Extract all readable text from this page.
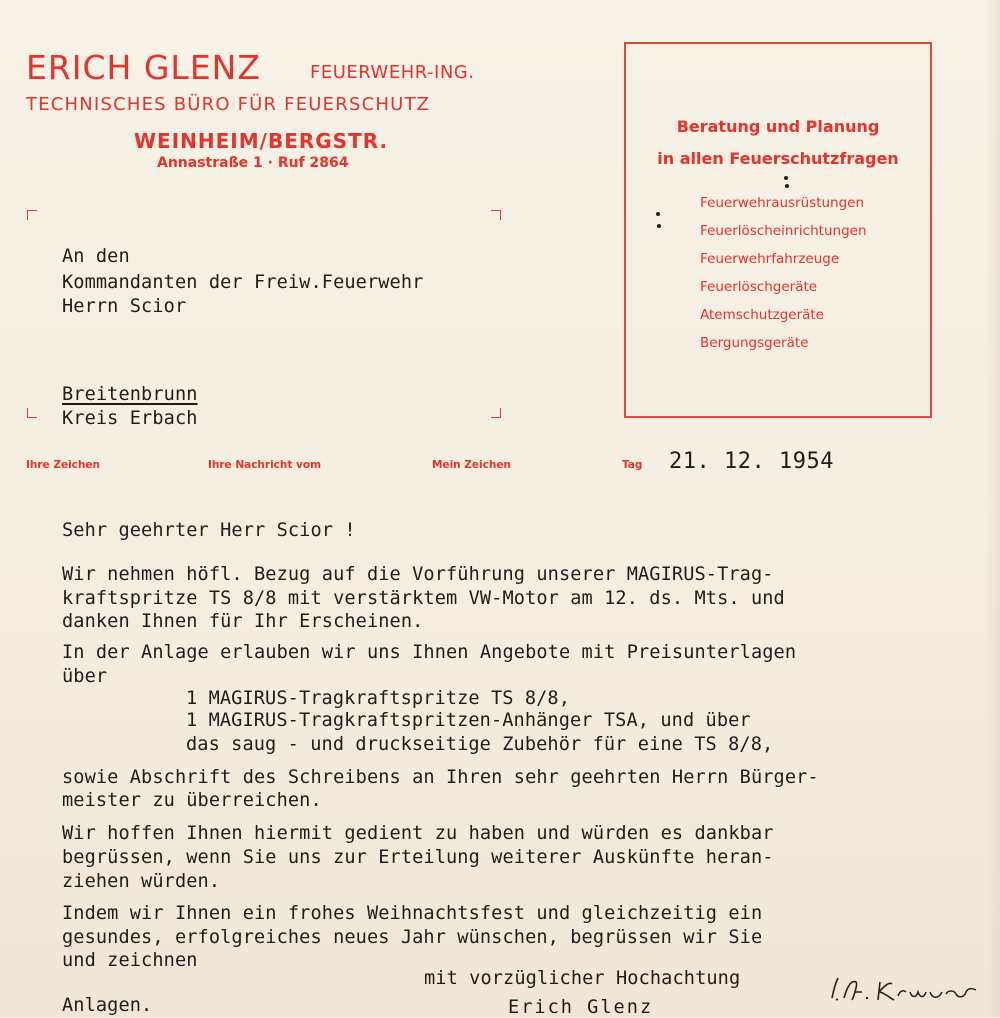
ERICH GLENZ	FEUERWEHR-ING.
TECHNISCHES BÜRO FÜR FEUERSCHUTZ
WEINHEIM/BERGSTR.
Annastraße 1 · Ruf 2864
Beratung und Planung
in allen Feuerschutzfragen
Feuerwehrausrüstungen
Feuerlöscheinrichtungen
Feuerwehrfahrzeuge
Feuerlöschgeräte
Atemschutzgeräte
Bergungsgeräte
An den
Kommandanten der Freiw.Feuerwehr
Herrn Scior
Breitenbrunn
Kreis Erbach
Ihre Zeichen	Ihre Nachricht vom	Mein Zeichen	Tag 21. 12. 1954
Sehr geehrter Herr Scior !
Wir nehmen höfl. Bezug auf die Vorführung unserer MAGIRUS-Trag-
kraftspritze TS 8/8 mit verstärktem VW-Motor am 12. ds. Mts. und
danken Ihnen für Ihr Erscheinen.
In der Anlage erlauben wir uns Ihnen Angebote mit Preisunterlagen
über
1 MAGIRUS-Tragkraftspritze TS 8/8,
1 MAGIRUS-Tragkraftspritzen-Anhänger TSA, und über
das saug - und druckseitige Zubehör für eine TS 8/8,
sowie Abschrift des Schreibens an Ihren sehr geehrten Herrn Bürger-
meister zu überreichen.
Wir hoffen Ihnen hiermit gedient zu haben und würden es dankbar
begrüssen, wenn Sie uns zur Erteilung weiterer Auskünfte heran-
ziehen würden.
Indem wir Ihnen ein frohes Weihnachtsfest und gleichzeitig ein
gesundes, erfolgreiches neues Jahr wünschen, begrüssen wir Sie
und zeichnen
mit vorzüglicher Hochachtung
Anlagen.	Erich Glenz
